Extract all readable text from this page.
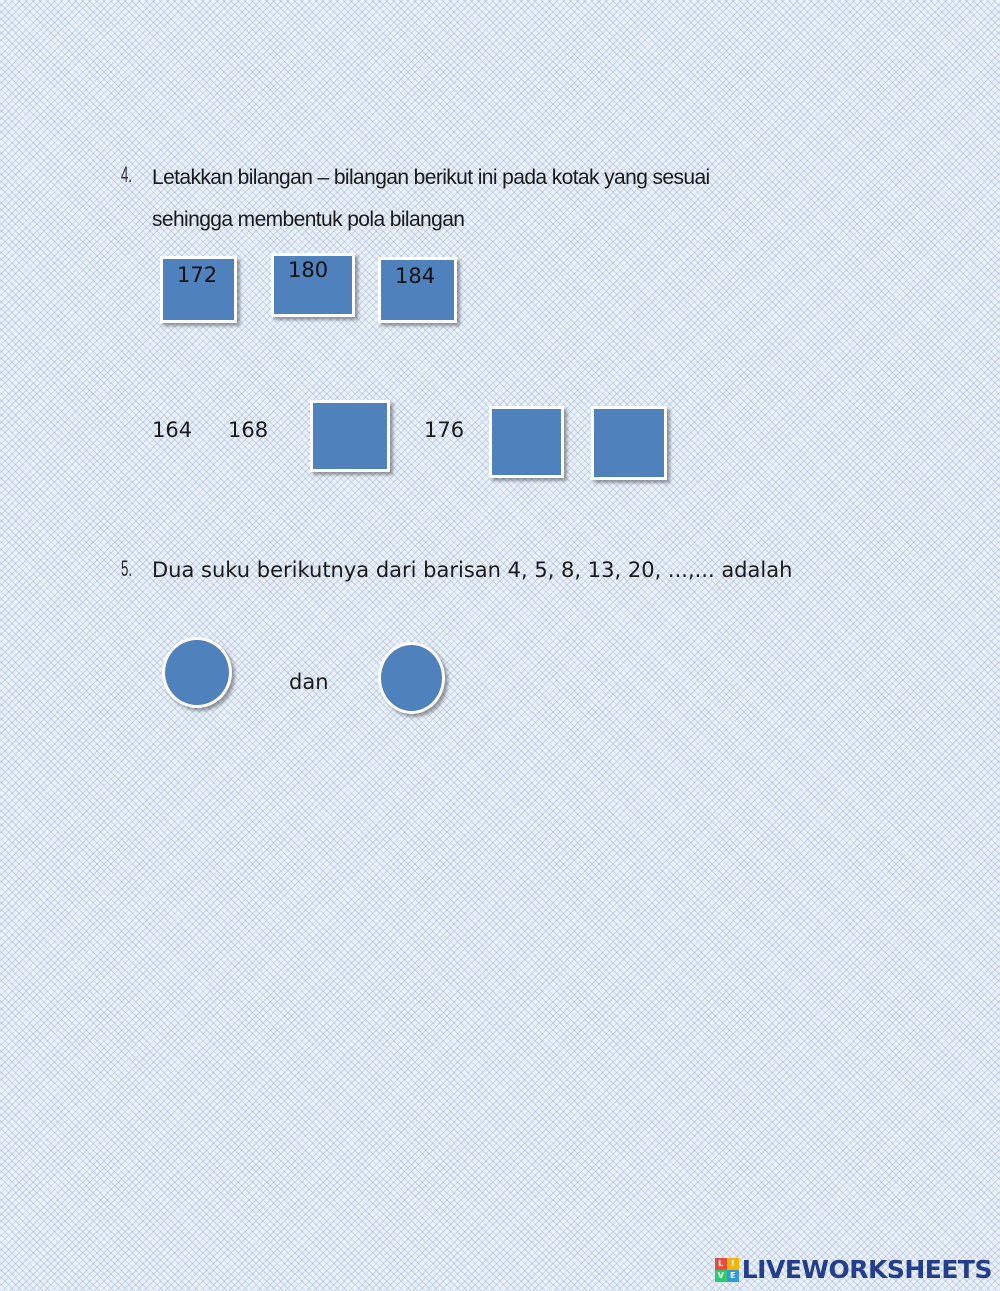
4. Letakkan bilangan – bilangan berikut ini pada kotak yang sesuai
sehingga membentuk pola bilangan
172	180	184
164 168	176
5. Dua suku berikutnya dari barisan 4, 5, 8, 13, 20, ...,... adalah
dan
L I
V E LIVEWORKSHEETS
